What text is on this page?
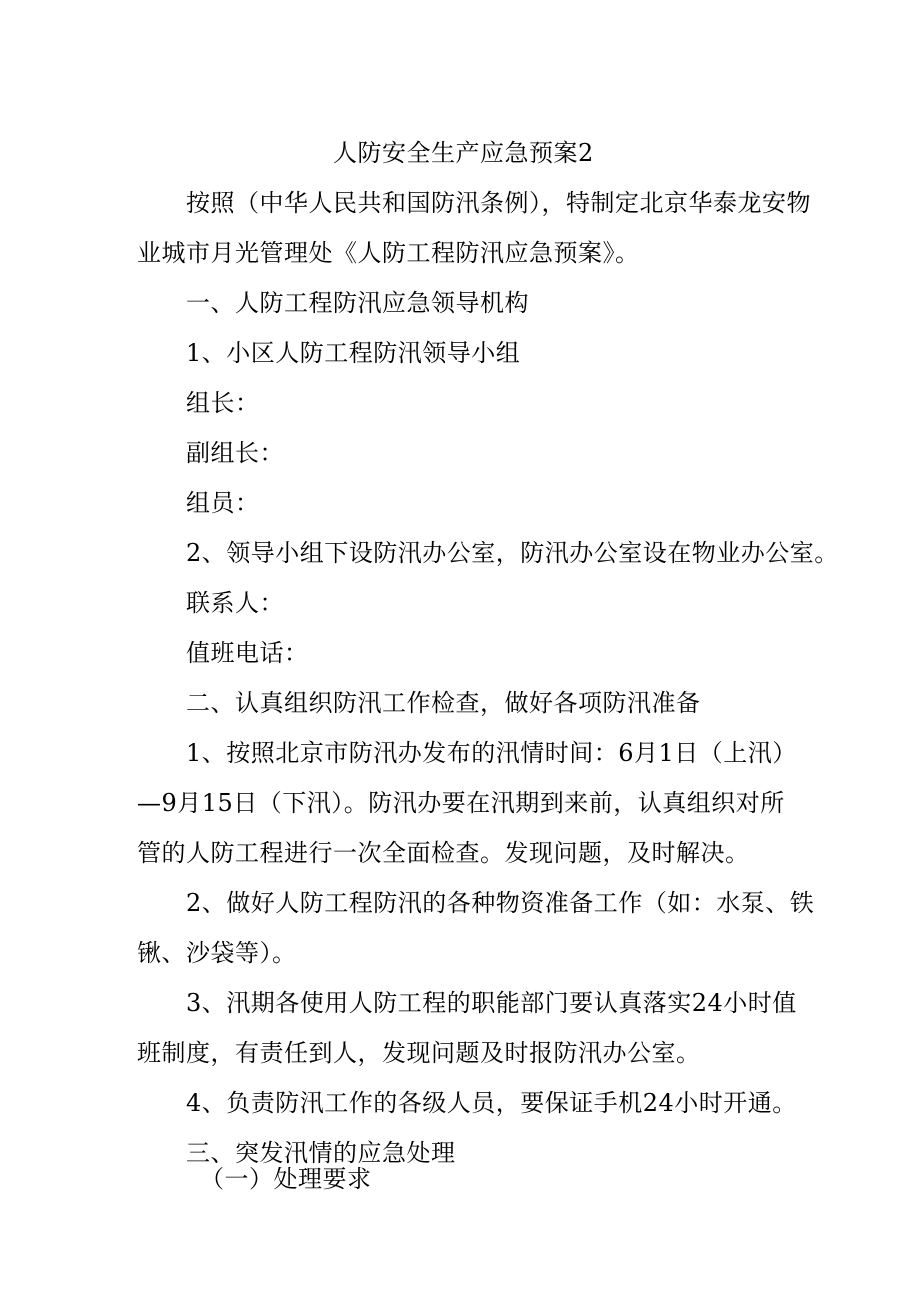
人防安全生产应急预案2
按照（中华人民共和国防汛条例），特制定北京华泰龙安物
业城市月光管理处《人防工程防汛应急预案》。
一、人防工程防汛应急领导机构
1、小区人防工程防汛领导小组
组长：
副组长：
组员：
2、领导小组下设防汛办公室，防汛办公室设在物业办公室。
联系人：
值班电话：
二、认真组织防汛工作检查，做好各项防汛准备
1、按照北京市防汛办发布的汛情时间：6月1日（上汛）
—9月15日（下汛）。防汛办要在汛期到来前，认真组织对所
管的人防工程进行一次全面检查。发现问题，及时解决。
2、做好人防工程防汛的各种物资准备工作（如：水泵、铁
锹、沙袋等）。
3、汛期各使用人防工程的职能部门要认真落实24小时值
班制度，有责任到人，发现问题及时报防汛办公室。
4、负责防汛工作的各级人员，要保证手机24小时开通。
三、突发汛情的应急处理
（一）处理要求
